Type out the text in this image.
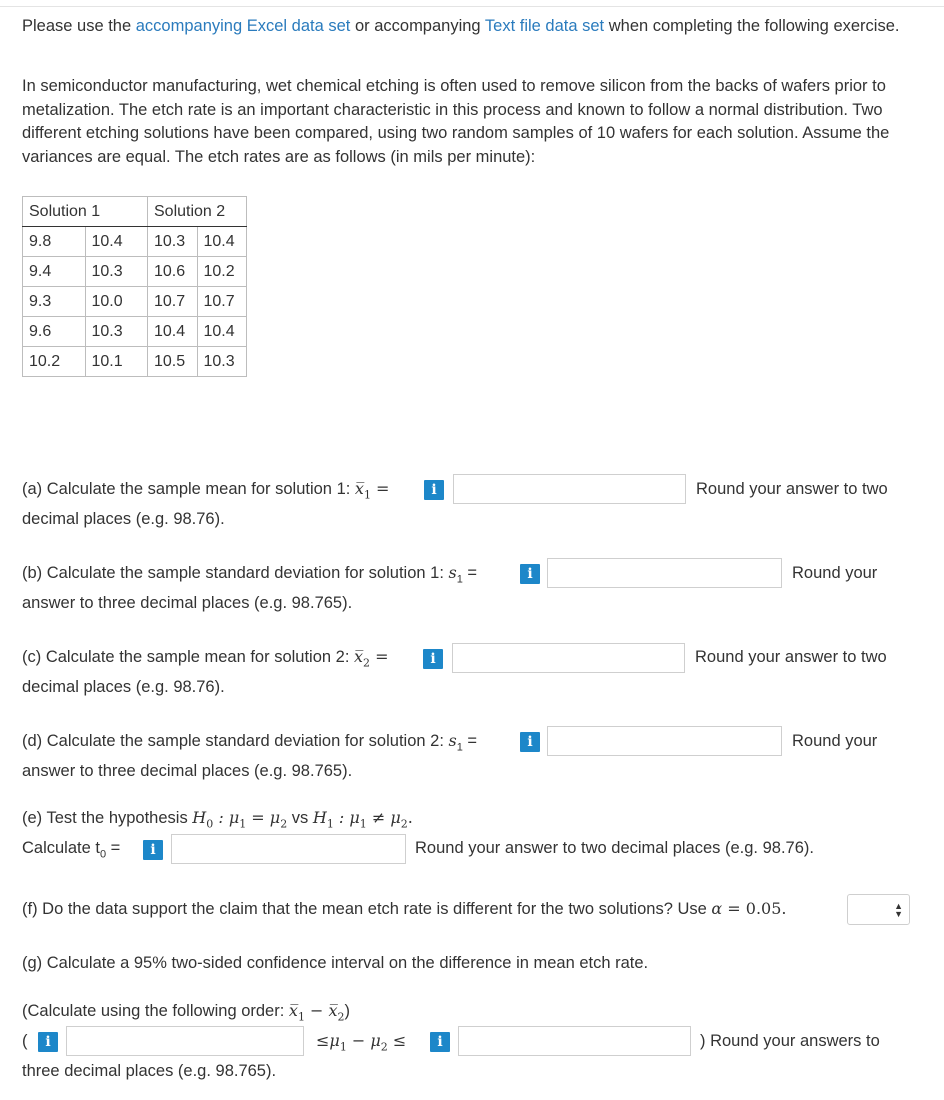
Please use the accompanying Excel data set or accompanying Text file data set when completing the following exercise.
In semiconductor manufacturing, wet chemical etching is often used to remove silicon from the backs of wafers prior to metalization. The etch rate is an important characteristic in this process and known to follow a normal distribution. Two different etching solutions have been compared, using two random samples of 10 wafers for each solution. Assume the variances are equal. The etch rates are as follows (in mils per minute):
Solution 1		Solution 2	
9.8	10.4	10.3	10.4
9.4	10.3	10.6	10.2
9.3	10.0	10.7	10.7
9.6	10.3	10.4	10.4
10.2	10.1	10.5	10.3
(a) Calculate the sample mean for solution 1: $x̅_1$ =	i	Round your answer to two
decimal places (e.g. 98.76).
(b) Calculate the sample standard deviation for solution 1: $s_1$ =	i	Round your
answer to three decimal places (e.g. 98.765).
(c) Calculate the sample mean for solution 2: $x̅_2$ =	i	Round your answer to two
decimal places (e.g. 98.76).
(d) Calculate the sample standard deviation for solution 2: $s_1$ =	i	Round your
answer to three decimal places (e.g. 98.765).
(e) Test the hypothesis $H_0$ : $\mu_1 = \mu_2$ vs $H_1$ : $\mu_1 \ne \mu_2$.
Calculate $t_0$ =	i	Round your answer to two decimal places (e.g. 98.76).
(f) Do the data support the claim that the mean etch rate is different for the two solutions? Use α = 0.05.	▲
▼
(g) Calculate a 95% two-sided confidence interval on the difference in mean etch rate.
(Calculate using the following order: $x̅_1$ − $x̅_2$)
(	i	$\le\mu_1 - \mu_2$ ≤	i	) Round your answers to
three decimal places (e.g. 98.765).
